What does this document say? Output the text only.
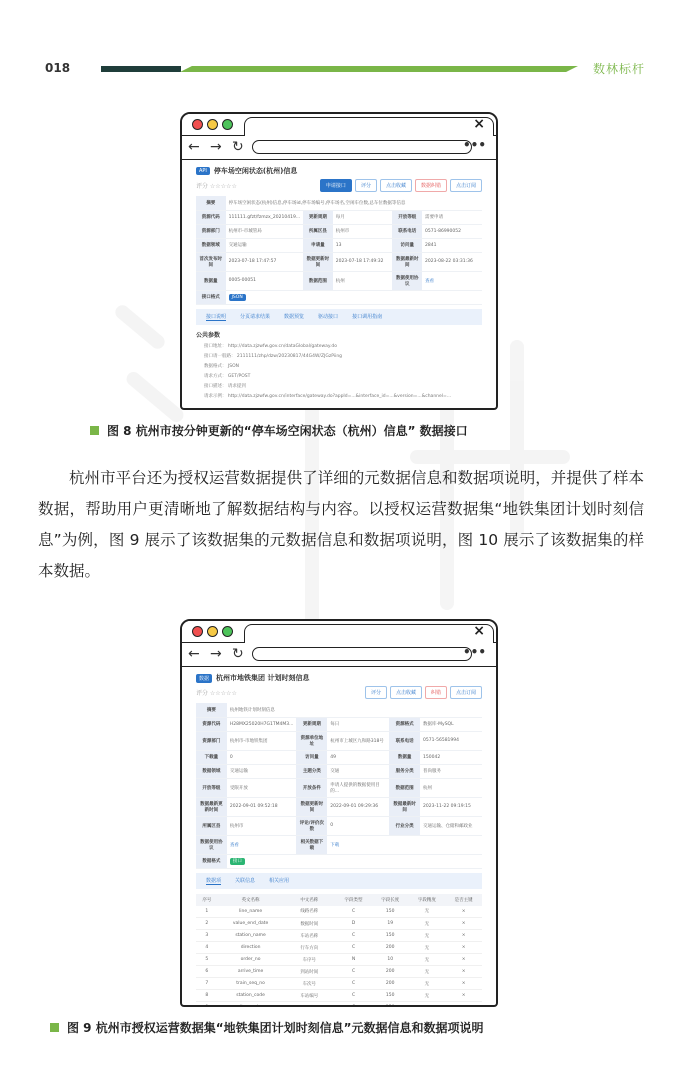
018	数林标杆
×
← → ↻	•••
API	停车场空闲状态(杭州)信息
评分 ☆☆☆☆☆	申请接口	评分	点击收藏	数据纠错	点击订阅
摘要	停车场空闲状态(杭州)信息,停车场id,停车场编号,停车场名,空闲车位数,总车位数据等信息				
资源代码	111111.gfzt/fzmzx_20210419...	更新周期	每月	开放等级	需要申请
资源部门	杭州市-市城管局	所属区县	杭州市	联系电话	0571-86990052
数据领域	交通运输	申请量	13	访问量	2841
首次发布时间	2023-07-18 17:47:57	数据更新时间	2023-07-18 17:49:32	数据最新时间	2023-08-22 03:31:36
数据量	0005-00051	数据范围	杭州	数据使用协议	查看
接口格式	JSON				
接口说明	分页请求结果	数据预览	驱动接口	接口调用指南
公共参数
接口地址： http://data.zjzwfw.gov.cn/dataGlobal/gateway.do
接口请一般路： 2111111/zhp/dzw/20230817/44G4W/ZJGzPiing
数据格式： JSON
请求方式： GET/POST
接口描述： 请求提到
请求示例： http://data.zjzwfw.gov.cn/interface/gateway.do?appId=...&interface_id=...&version=...&channel=...
图 8 杭州市按分钟更新的“停车场空闲状态（杭州）信息” 数据接口
杭州市平台还为授权运营数据提供了详细的元数据信息和数据项说明，并提供了样本数据，帮助用户更清晰地了解数据结构与内容。以授权运营数据集“地铁集团计划时刻信息”为例，图 9 展示了该数据集的元数据信息和数据项说明，图 10 展示了该数据集的样本数据。
×
← → ↻	•••
数据	杭州市地铁集团 计划时刻信息
评分 ☆☆☆☆☆	评分	点击收藏	纠错	点击订阅
摘要	杭州地铁计划时刻信息				
资源代码	H28MX25020H7G1TM4M3...	更新周期	每日	资源格式	数据库-MySQL
资源部门	杭州市-市地铁集团	资源单位地址	杭州市上城区九和路318号	联系电话	0571-56581994
下载量	0	访问量	49	数据量	150042
数据领域	交通运输	主题分类	交通	服务分类	普尚服务
开放等级	受限开放	开放条件	申请人提供的数据使用目的...	数据范围	杭州
数据最新更新时间	2022-09-01 09:52:18	数据更新时间	2022-09-01 09:29:36	数据最新时间	2023-11-22 09:19:15
所属区县	杭州市	评论/评价次数	0	行业分类	交通运输、仓储和邮政业
数据使用协议	查看	相关数据下载	下载		
数据格式	接口				
数据项	关联信息	相关应用
序号	英文名称	中文名称	字段类型	字段长度	字段精度	是否主键
1	line_name	线路名称	C	150	无	×
2	value_end_date	数据时间	D	19	无	×
3	station_name	车站名称	C	150	无	×
4	direction	行车方向	C	200	无	×
5	order_no	车序号	N	10	无	×
6	arrive_time	到站时间	C	200	无	×
7	train_seq_no	车次号	C	200	无	×
8	station_code	车站编号	C	150	无	×

图 9 杭州市授权运营数据集“地铁集团计划时刻信息”元数据信息和数据项说明
